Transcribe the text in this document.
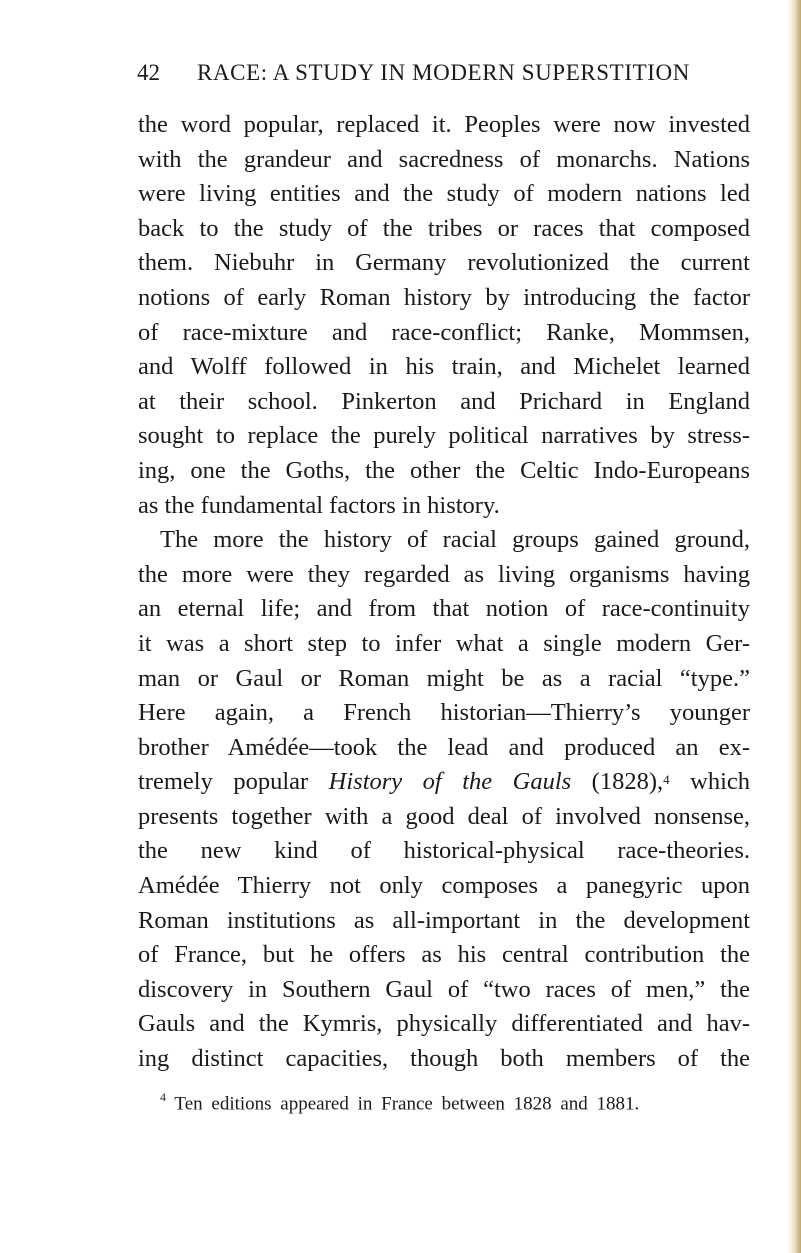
42 RACE: A STUDY IN MODERN SUPERSTITION
the word popular, replaced it. Peoples were now invested
with the grandeur and sacredness of monarchs. Nations
were living entities and the study of modern nations led
back to the study of the tribes or races that composed
them. Niebuhr in Germany revolutionized the current
notions of early Roman history by introducing the factor
of race-mixture and race-conflict; Ranke, Mommsen,
and Wolff followed in his train, and Michelet learned
at their school. Pinkerton and Prichard in England
sought to replace the purely political narratives by stress-
ing, one the Goths, the other the Celtic Indo-Europeans
as the fundamental factors in history.
The more the history of racial groups gained ground,
the more were they regarded as living organisms having
an eternal life; and from that notion of race-continuity
it was a short step to infer what a single modern Ger-
man or Gaul or Roman might be as a racial “type.”
Here again, a French historian—Thierry’s younger
brother Amédée—took the lead and produced an ex-
tremely popular History of the Gauls (1828),$^4$ which
presents together with a good deal of involved nonsense,
the new kind of historical-physical race-theories.
Amédée Thierry not only composes a panegyric upon
Roman institutions as all-important in the development
of France, but he offers as his central contribution the
discovery in Southern Gaul of “two races of men,” the
Gauls and the Kymris, physically differentiated and hav-
ing distinct capacities, though both members of the
$^4$ Ten editions appeared in France between 1828 and 1881.
